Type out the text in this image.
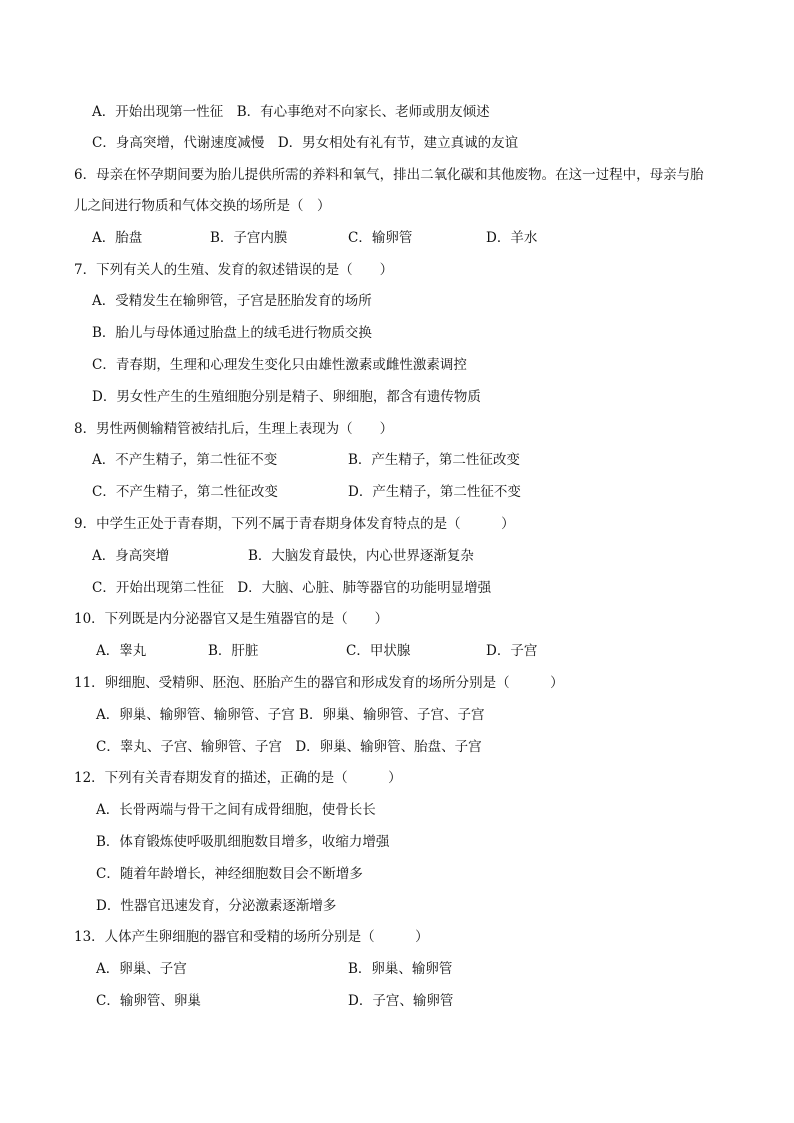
A．开始出现第一性征　B．有心事绝对不向家长、老师或朋友倾述
C．身高突增，代谢速度减慢　D．男女相处有礼有节，建立真诚的友谊
6．母亲在怀孕期间要为胎儿提供所需的养料和氧气，排出二氧化碳和其他废物。在这一过程中，母亲与胎
儿之间进行物质和气体交换的场所是（　）
A．胎盘	B．子宫内膜	C．输卵管	D．羊水
7．下列有关人的生殖、发育的叙述错误的是（　　）
A．受精发生在输卵管，子宫是胚胎发育的场所
B．胎儿与母体通过胎盘上的绒毛进行物质交换
C．青春期，生理和心理发生变化只由雄性激素或雌性激素调控
D．男女性产生的生殖细胞分别是精子、卵细胞，都含有遗传物质
8．男性两侧输精管被结扎后，生理上表现为（　　）
A．不产生精子，第二性征不变	B．产生精子，第二性征改变
C．不产生精子，第二性征改变	D．产生精子，第二性征不变
9．中学生正处于青春期，下列不属于青春期身体发育特点的是（　　　）
A．身高突增	B．大脑发育最快，内心世界逐渐复杂
C．开始出现第二性征　D．大脑、心脏、肺等器官的功能明显增强
10．下列既是内分泌器官又是生殖器官的是（　　）
A．睾丸	B．肝脏	C．甲状腺	D．子宫
11．卵细胞、受精卵、胚泡、胚胎产生的器官和形成发育的场所分别是（　　　）
A．卵巢、输卵管、输卵管、子宫 B．卵巢、输卵管、子宫、子宫
C．睾丸、子宫、输卵管、子宫　D．卵巢、输卵管、胎盘、子宫
12．下列有关青春期发育的描述，正确的是（　　　）
A．长骨两端与骨干之间有成骨细胞，使骨长长
B．体育锻炼使呼吸肌细胞数目增多，收缩力增强
C．随着年龄增长，神经细胞数目会不断增多
D．性器官迅速发育，分泌激素逐渐增多
13．人体产生卵细胞的器官和受精的场所分别是（　　　）
A．卵巢、子宫	B．卵巢、输卵管
C．输卵管、卵巢	D．子宫、输卵管
